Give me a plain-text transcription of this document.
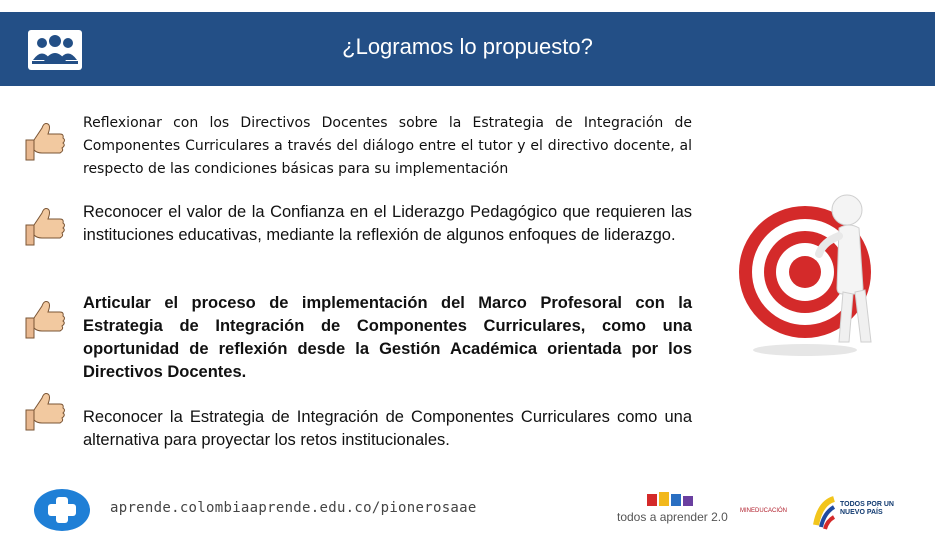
¿Logramos lo propuesto?
Reflexionar con los Directivos Docentes sobre la Estrategia de Integración de Componentes Curriculares a través del diálogo entre el tutor y el directivo docente, al respecto de las condiciones básicas para su implementación
Reconocer el valor de la Confianza en el Liderazgo Pedagógico que requieren las instituciones educativas, mediante la reflexión de algunos enfoques de liderazgo.
Articular el proceso de implementación del Marco Profesoral con la Estrategia de Integración de Componentes Curriculares, como una oportunidad de reflexión desde la Gestión Académica orientada por los Directivos Docentes.
Reconocer la Estrategia de Integración de Componentes Curriculares como una alternativa para proyectar los retos institucionales.
aprende.colombiaaprende.edu.co/pionerosaae
todos a aprender 2.0 MINEDUCACIÓN
TODOS POR UN
NUEVO PAÍS
